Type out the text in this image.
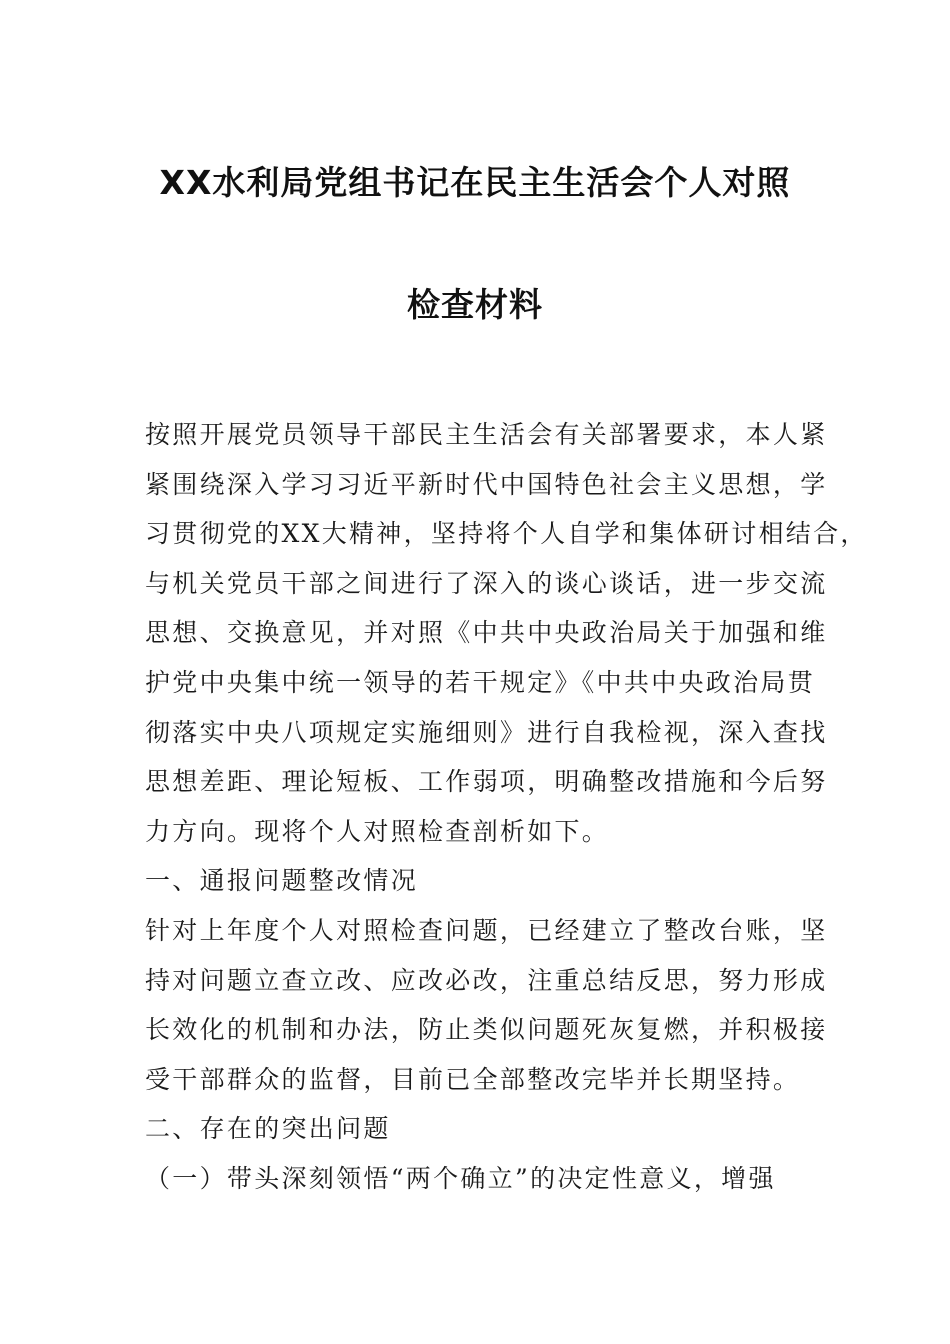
XX水利局党组书记在民主生活会个人对照
检查材料
按照开展党员领导干部民主生活会有关部署要求，本人紧
紧围绕深入学习习近平新时代中国特色社会主义思想，学
习贯彻党的XX大精神，坚持将个人自学和集体研讨相结合，
与机关党员干部之间进行了深入的谈心谈话，进一步交流
思想、交换意见，并对照《中共中央政治局关于加强和维
护党中央集中统一领导的若干规定》《中共中央政治局贯
彻落实中央八项规定实施细则》进行自我检视，深入查找
思想差距、理论短板、工作弱项，明确整改措施和今后努
力方向。现将个人对照检查剖析如下。
一、通报问题整改情况
针对上年度个人对照检查问题，已经建立了整改台账，坚
持对问题立查立改、应改必改，注重总结反思，努力形成
长效化的机制和办法，防止类似问题死灰复燃，并积极接
受干部群众的监督，目前已全部整改完毕并长期坚持。
二、存在的突出问题
（一）带头深刻领悟“两个确立”的决定性意义，增强
